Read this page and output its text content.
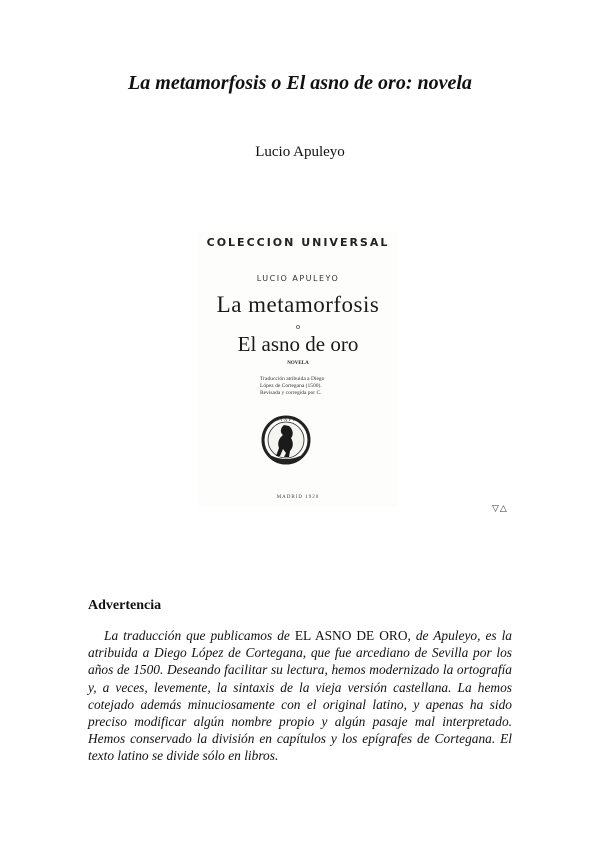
La metamorfosis o El asno de oro: novela
Lucio Apuleyo
COLECCION UNIVERSAL
LUCIO APULEYO
La metamorfosis
o
El asno de oro
NOVELA
Traducción atribuida a Diego
López de Cortegana (1500).
Revisada y corregida por C.
C·I·A·P·E
MADRID 1920
▽△
Advertencia

La traducción que publicamos de EL ASNO DE ORO, de Apuleyo, es la atribuida a Diego López de Cortegana, que fue arcediano de Sevilla por los años de 1500. Deseando facilitar su lectura, hemos modernizado la ortografía y, a veces, levemente, la sintaxis de la vieja versión castellana. La hemos cotejado además minuciosamente con el original latino, y apenas ha sido preciso modificar algún nombre propio y algún pasaje mal interpretado. Hemos conservado la división en capítulos y los epígrafes de Cortegana. El texto latino se divide sólo en libros.
